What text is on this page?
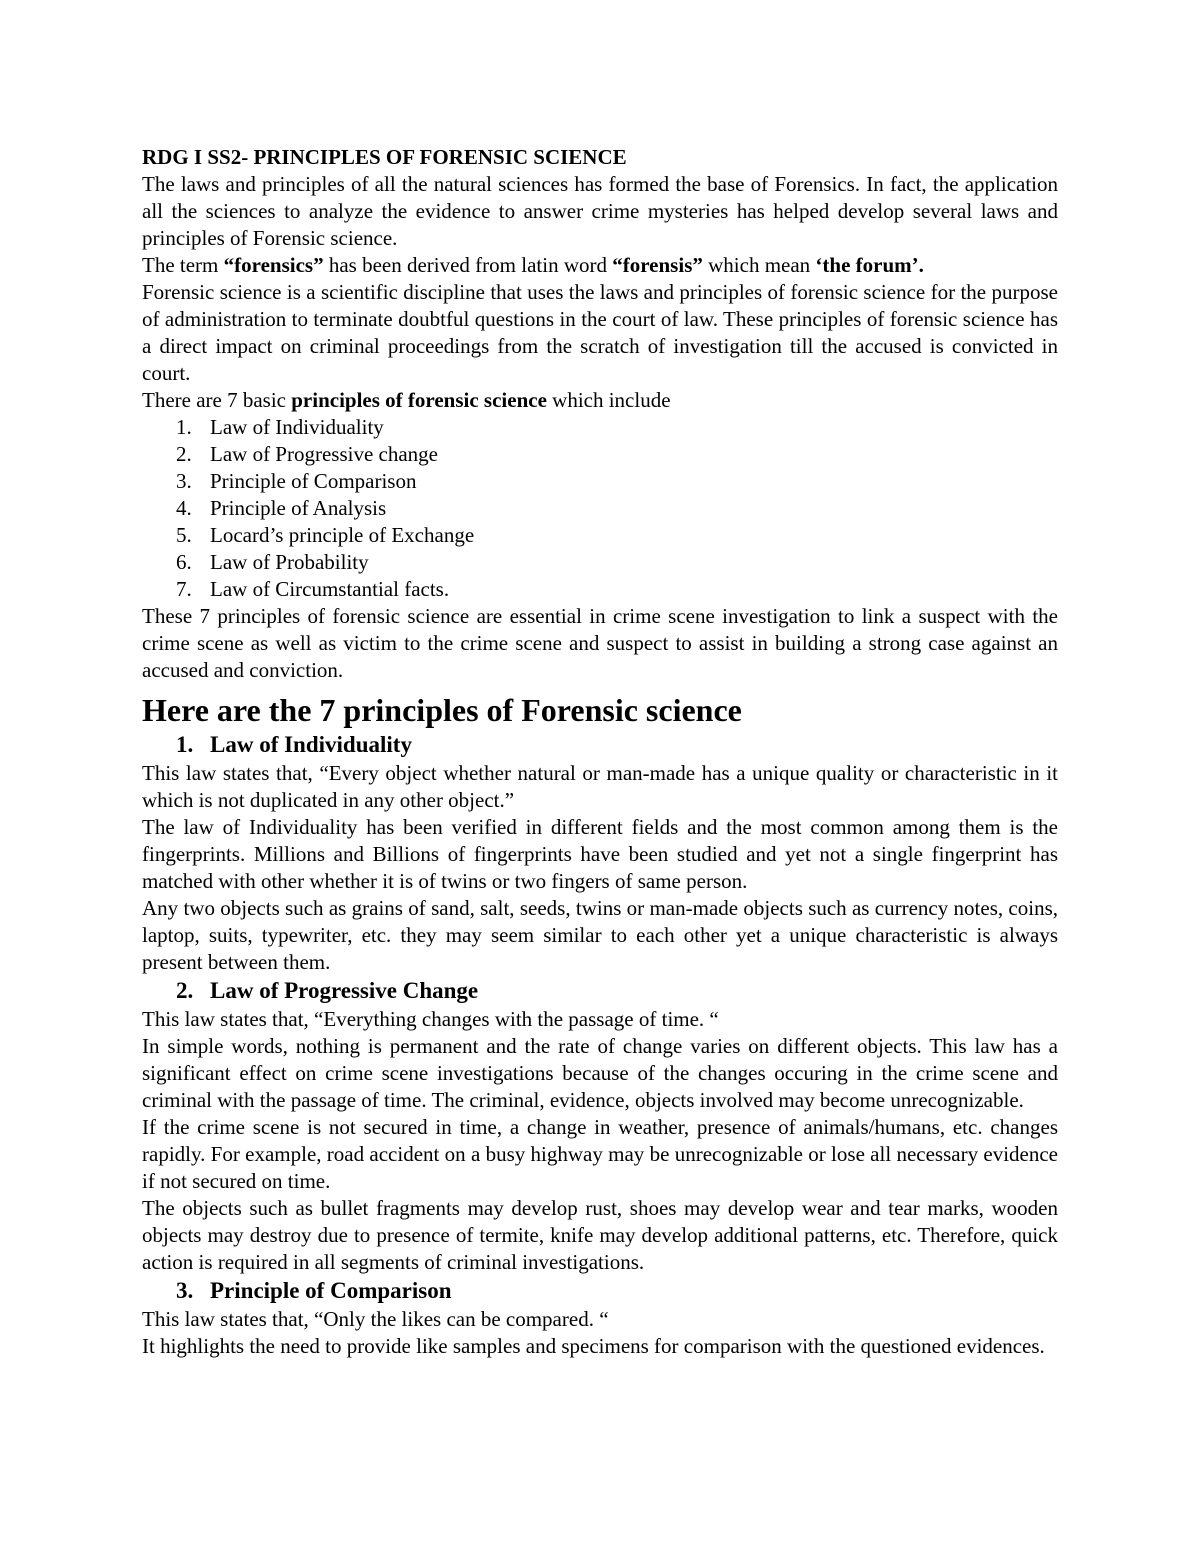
RDG I SS2- PRINCIPLES OF FORENSIC SCIENCE

The laws and principles of all the natural sciences has formed the base of Forensics. In fact, the application all the sciences to analyze the evidence to answer crime mysteries has helped develop several laws and principles of Forensic science.

The term “forensics” has been derived from latin word “forensis” which mean ‘the forum’.

Forensic science is a scientific discipline that uses the laws and principles of forensic science for the purpose of administration to terminate doubtful questions in the court of law. These principles of forensic science has a direct impact on criminal proceedings from the scratch of investigation till the accused is convicted in court.

There are 7 basic principles of forensic science which include

1. Law of Individuality
2. Law of Progressive change
3. Principle of Comparison
4. Principle of Analysis
5. Locard’s principle of Exchange
6. Law of Probability
7. Law of Circumstantial facts.

These 7 principles of forensic science are essential in crime scene investigation to link a suspect with the crime scene as well as victim to the crime scene and suspect to assist in building a strong case against an accused and conviction.

Here are the 7 principles of Forensic science
1. Law of Individuality

This law states that, “Every object whether natural or man-made has a unique quality or characteristic in it which is not duplicated in any other object.”

The law of Individuality has been verified in different fields and the most common among them is the fingerprints. Millions and Billions of fingerprints have been studied and yet not a single fingerprint has matched with other whether it is of twins or two fingers of same person.

Any two objects such as grains of sand, salt, seeds, twins or man-made objects such as currency notes, coins, laptop, suits, typewriter, etc. they may seem similar to each other yet a unique characteristic is always present between them.

2. Law of Progressive Change

This law states that, “Everything changes with the passage of time. “

In simple words, nothing is permanent and the rate of change varies on different objects. This law has a significant effect on crime scene investigations because of the changes occuring in the crime scene and criminal with the passage of time. The criminal, evidence, objects involved may become unrecognizable.

If the crime scene is not secured in time, a change in weather, presence of animals/humans, etc. changes rapidly. For example, road accident on a busy highway may be unrecognizable or lose all necessary evidence if not secured on time.

The objects such as bullet fragments may develop rust, shoes may develop wear and tear marks, wooden objects may destroy due to presence of termite, knife may develop additional patterns, etc. Therefore, quick action is required in all segments of criminal investigations.

3. Principle of Comparison

This law states that, “Only the likes can be compared. “

It highlights the need to provide like samples and specimens for comparison with the questioned evidences.
